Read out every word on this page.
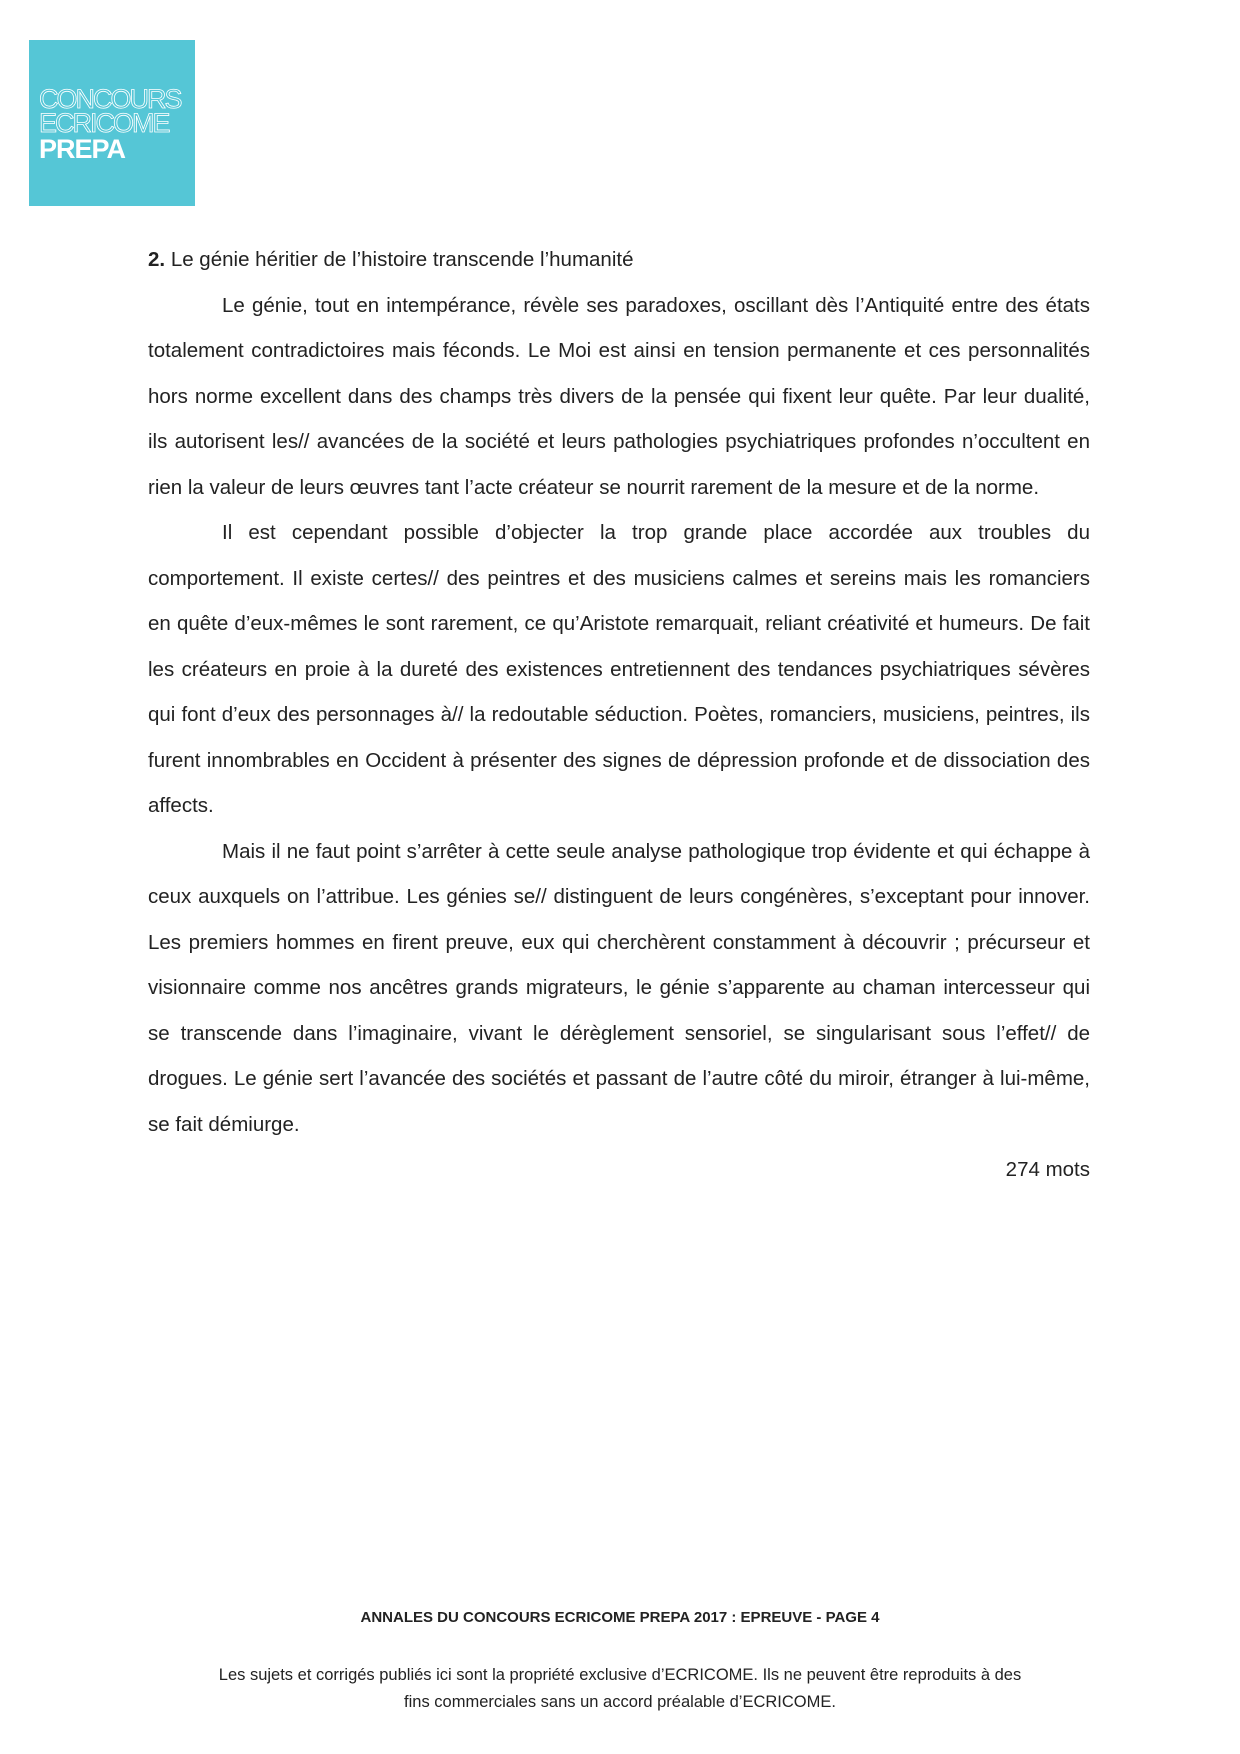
CONCOURS
ECRICOME
PREPA

2. Le génie héritier de l’histoire transcende l’humanité

Le génie, tout en intempérance, révèle ses paradoxes, oscillant dès l’Antiquité entre des états totalement contradictoires mais féconds. Le Moi est ainsi en tension permanente et ces personnalités hors norme excellent dans des champs très divers de la pensée qui fixent leur quête. Par leur dualité, ils autorisent les// avancées de la société et leurs pathologies psychiatriques profondes n’occultent en rien la valeur de leurs œuvres tant l’acte créateur se nourrit rarement de la mesure et de la norme.

Il est cependant possible d’objecter la trop grande place accordée aux troubles du comportement. Il existe certes// des peintres et des musiciens calmes et sereins mais les romanciers en quête d’eux-mêmes le sont rarement, ce qu’Aristote remarquait, reliant créativité et humeurs. De fait les créateurs en proie à la dureté des existences entretiennent des tendances psychiatriques sévères qui font d’eux des personnages à// la redoutable séduction. Poètes, romanciers, musiciens, peintres, ils furent innombrables en Occident à présenter des signes de dépression profonde et de dissociation des affects.

Mais il ne faut point s’arrêter à cette seule analyse pathologique trop évidente et qui échappe à ceux auxquels on l’attribue. Les génies se// distinguent de leurs congénères, s’exceptant pour innover. Les premiers hommes en firent preuve, eux qui cherchèrent constamment à découvrir ; précurseur et visionnaire comme nos ancêtres grands migrateurs, le génie s’apparente au chaman intercesseur qui se transcende dans l’imaginaire, vivant le dérèglement sensoriel, se singularisant sous l’effet// de drogues. Le génie sert l’avancée des sociétés et passant de l’autre côté du miroir, étranger à lui-même, se fait démiurge.

274 mots

ANNALES DU CONCOURS ECRICOME PREPA 2017 : EPREUVE - PAGE 4
Les sujets et corrigés publiés ici sont la propriété exclusive d’ECRICOME. Ils ne peuvent être reproduits à des
fins commerciales sans un accord préalable d’ECRICOME.
